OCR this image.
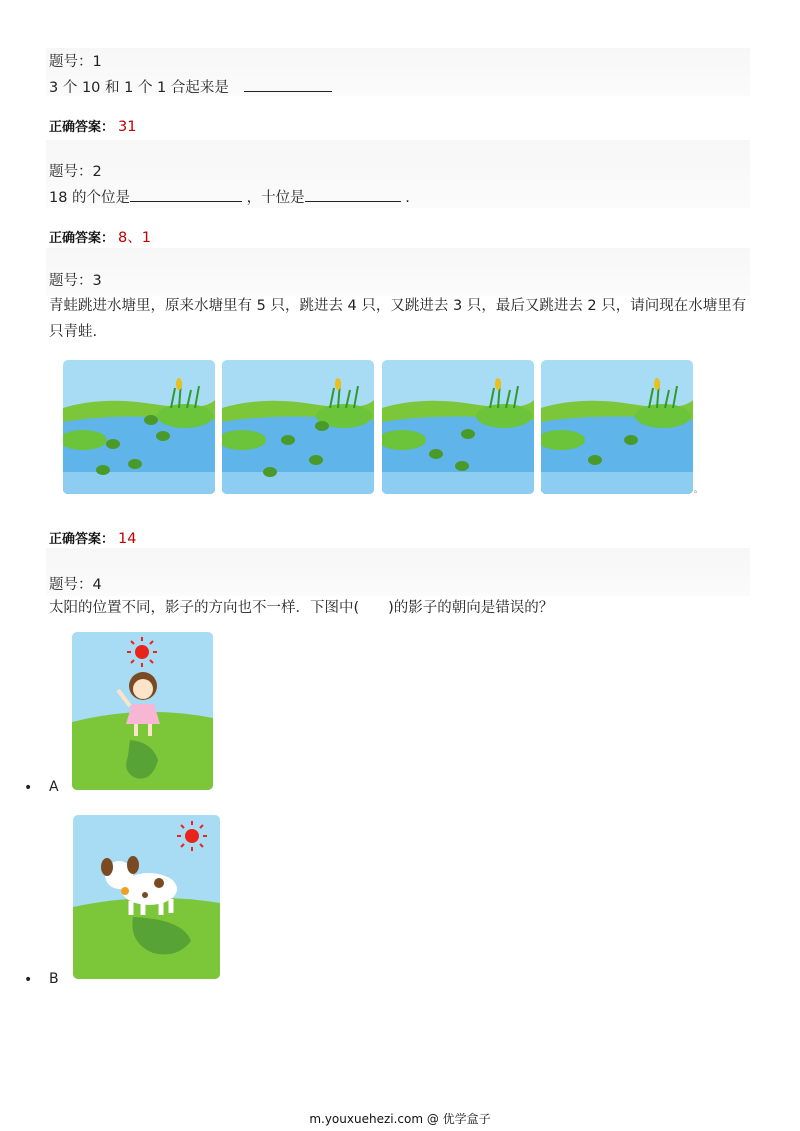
题号：1
3 个 10 和 1 个 1 合起来是
正确答案： 31
题号：2
18 的个位是	，十位是	.
正确答案： 8、1
题号：3
青蛙跳进水塘里，原来水塘里有 5 只，跳进去 4 只，又跳进去 3 只，最后又跳进去 2 只，请问现在水塘里有 只青蛙.
。
正确答案： 14
题号：4
太阳的位置不同，影子的方向也不一样．下图中(　　)的影子的朝向是错误的？
• A
• B
m.youxuehezi.com @ 优学盒子
